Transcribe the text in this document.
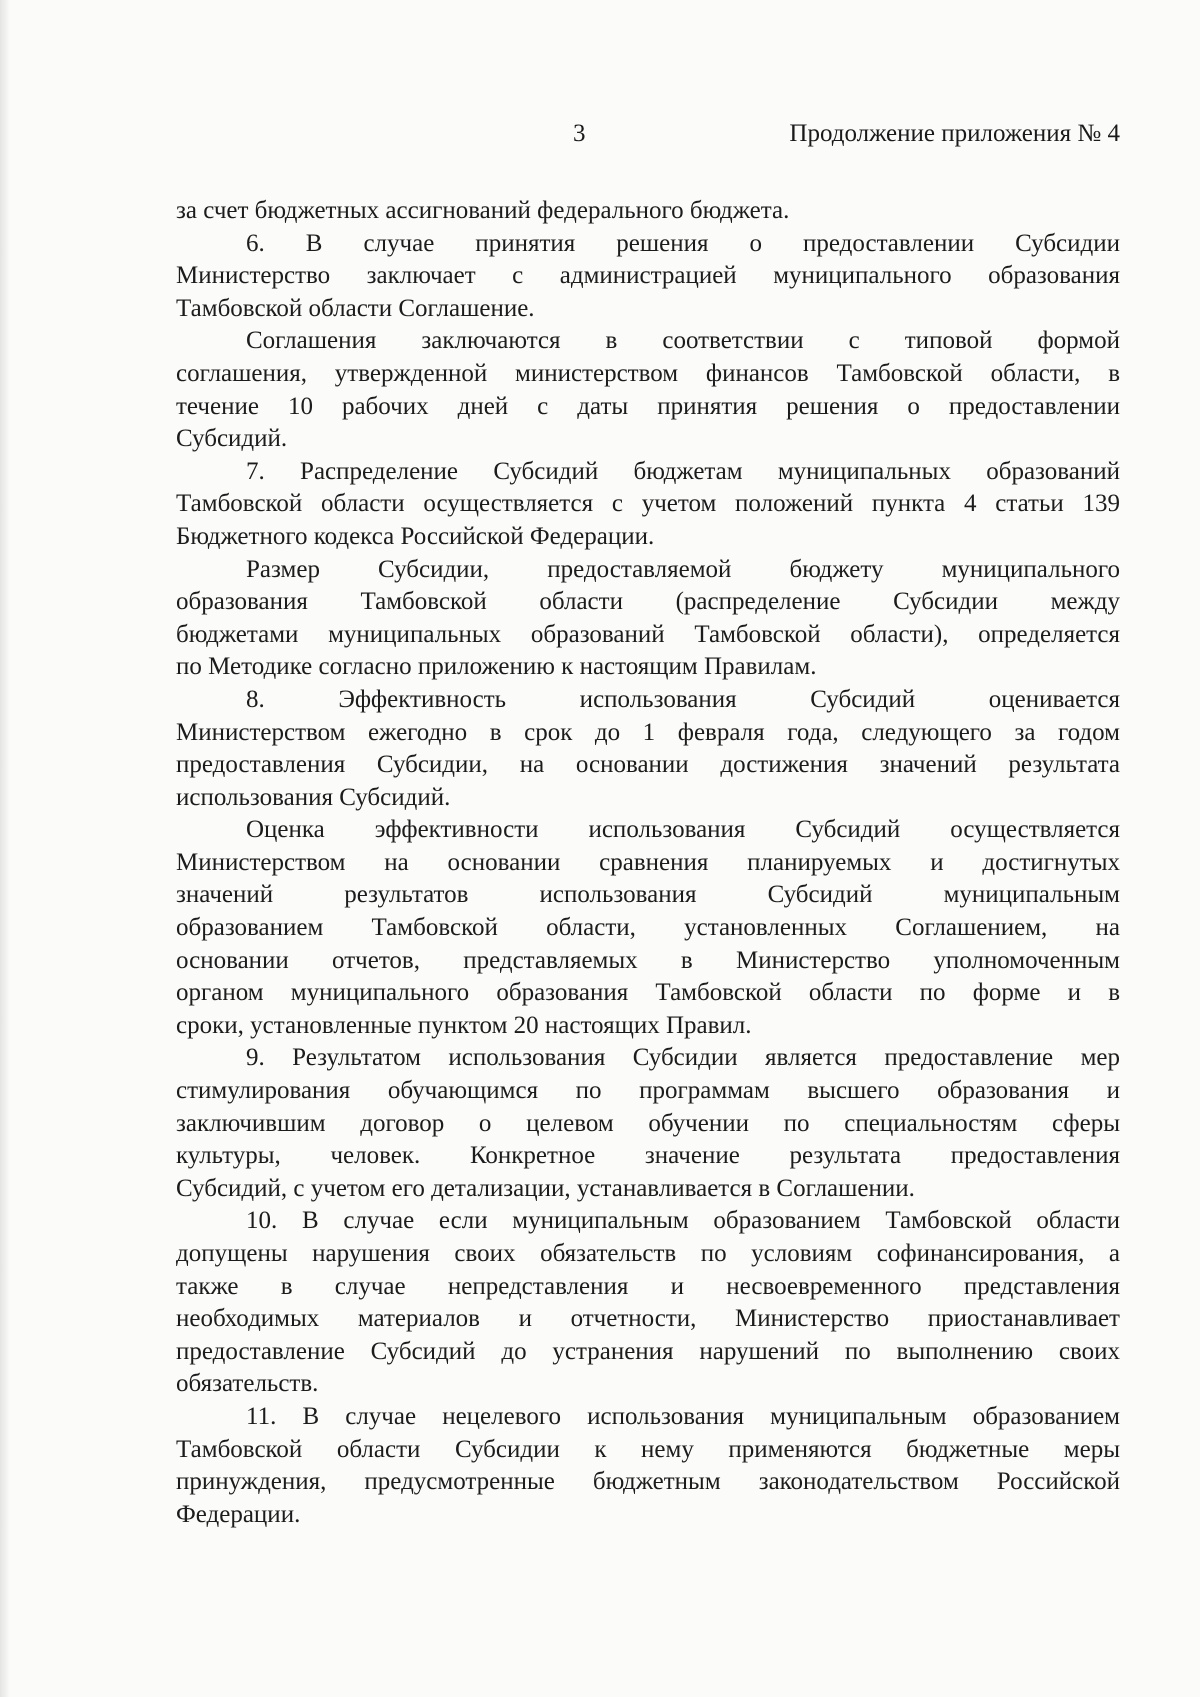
3	Продолжение приложения № 4
за счет бюджетных ассигнований федерального бюджета.
6. В случае принятия решения о предоставлении Субсидии
Министерство заключает с администрацией муниципального образования
Тамбовской области Соглашение.
Соглашения заключаются в соответствии с типовой формой
соглашения, утвержденной министерством финансов Тамбовской области, в
течение 10 рабочих дней с даты принятия решения о предоставлении
Субсидий.
7. Распределение Субсидий бюджетам муниципальных образований
Тамбовской области осуществляется с учетом положений пункта 4 статьи 139
Бюджетного кодекса Российской Федерации.
Размер Субсидии, предоставляемой бюджету муниципального
образования Тамбовской области (распределение Субсидии между
бюджетами муниципальных образований Тамбовской области), определяется
по Методике согласно приложению к настоящим Правилам.
8. Эффективность использования Субсидий оценивается
Министерством ежегодно в срок до 1 февраля года, следующего за годом
предоставления Субсидии, на основании достижения значений результата
использования Субсидий.
Оценка эффективности использования Субсидий осуществляется
Министерством на основании сравнения планируемых и достигнутых
значений результатов использования Субсидий муниципальным
образованием Тамбовской области, установленных Соглашением, на
основании отчетов, представляемых в Министерство уполномоченным
органом муниципального образования Тамбовской области по форме и в
сроки, установленные пунктом 20 настоящих Правил.
9. Результатом использования Субсидии является предоставление мер
стимулирования обучающимся по программам высшего образования и
заключившим договор о целевом обучении по специальностям сферы
культуры, человек. Конкретное значение результата предоставления
Субсидий, с учетом его детализации, устанавливается в Соглашении.
10. В случае если муниципальным образованием Тамбовской области
допущены нарушения своих обязательств по условиям софинансирования, а
также в случае непредставления и несвоевременного представления
необходимых материалов и отчетности, Министерство приостанавливает
предоставление Субсидий до устранения нарушений по выполнению своих
обязательств.
11. В случае нецелевого использования муниципальным образованием
Тамбовской области Субсидии к нему применяются бюджетные меры
принуждения, предусмотренные бюджетным законодательством Российской
Федерации.
